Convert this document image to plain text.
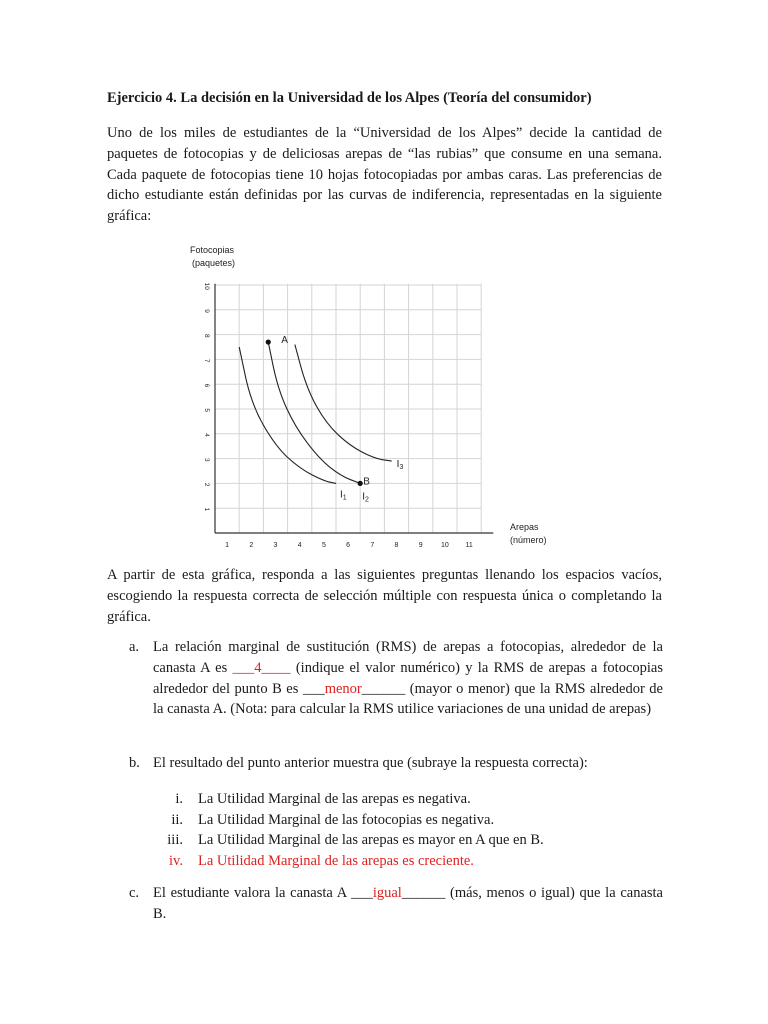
Ejercicio 4. La decisión en la Universidad de los Alpes (Teoría del consumidor)
Uno de los miles de estudiantes de la “Universidad de los Alpes” decide la cantidad de paquetes de fotocopias y de deliciosas arepas de “las rubias” que consume en una semana. Cada paquete de fotocopias tiene 10 hojas fotocopiadas por ambas caras. Las preferencias de dicho estudiante están definidas por las curvas de indiferencia, representadas en la siguiente gráfica:
1	2	3	4	5	6	7	8	9	10 11
1
2
3
4
5
6
7
8
9
10
$I_1$ $I_2$
$I_3$
A
B
Fotocopias
(paquetes)
Arepas
(número)
A partir de esta gráfica, responda a las siguientes preguntas llenando los espacios vacíos, escogiendo la respuesta correcta de selección múltiple con respuesta única o completando la gráfica.
a. La relación marginal de sustitución (RMS) de arepas a fotocopias, alrededor de la canasta A es ___4____ (indique el valor numérico) y la RMS de arepas a fotocopias alrededor del punto B es ___menor______ (mayor o menor) que la RMS alrededor de la canasta A. (Nota: para calcular la RMS utilice variaciones de una unidad de arepas)
b. El resultado del punto anterior muestra que (subraye la respuesta correcta):
i. La Utilidad Marginal de las arepas es negativa.
ii. La Utilidad Marginal de las fotocopias es negativa.
iii. La Utilidad Marginal de las arepas es mayor en A que en B.
iv. La Utilidad Marginal de las arepas es creciente.
c. El estudiante valora la canasta A ___igual______ (más, menos o igual) que la canasta B.
